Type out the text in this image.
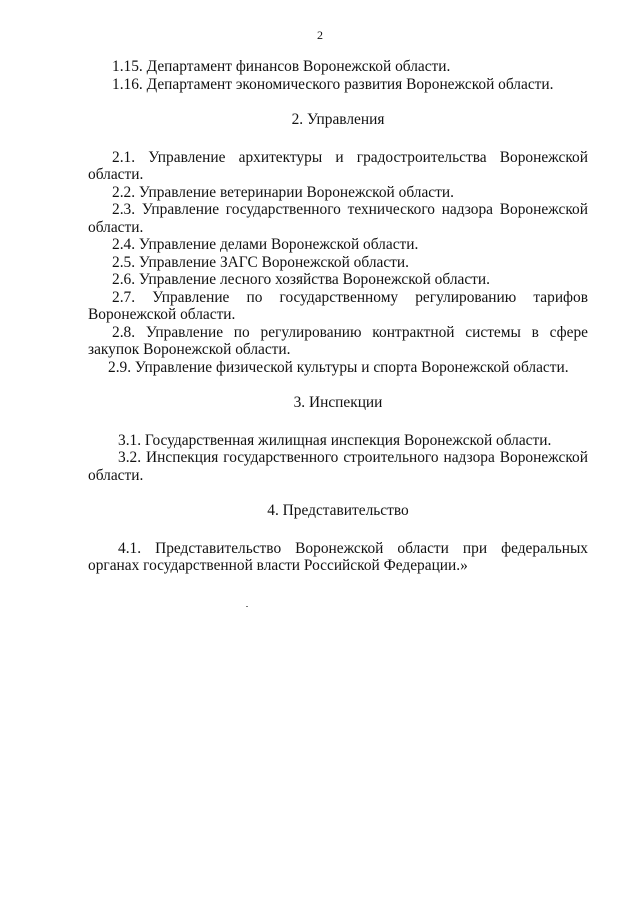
2

1.15. Департамент финансов Воронежской области.

1.16. Департамент экономического развития Воронежской области.

2. Управления

2.1. Управление архитектуры и градостроительства Воронежской области.

2.2. Управление ветеринарии Воронежской области.

2.3. Управление государственного технического надзора Воронежской области.

2.4. Управление делами Воронежской области.

2.5. Управление ЗАГС Воронежской области.

2.6. Управление лесного хозяйства Воронежской области.

2.7. Управление по государственному регулированию тарифов Воронежской области.

2.8. Управление по регулированию контрактной системы в сфере закупок Воронежской области.

2.9. Управление физической культуры и спорта Воронежской области.

3. Инспекции

3.1. Государственная жилищная инспекция Воронежской области.

3.2. Инспекция государственного строительного надзора Воронежской области.

4. Представительство

4.1. Представительство Воронежской области при федеральных органах государственной власти Российской Федерации.»
